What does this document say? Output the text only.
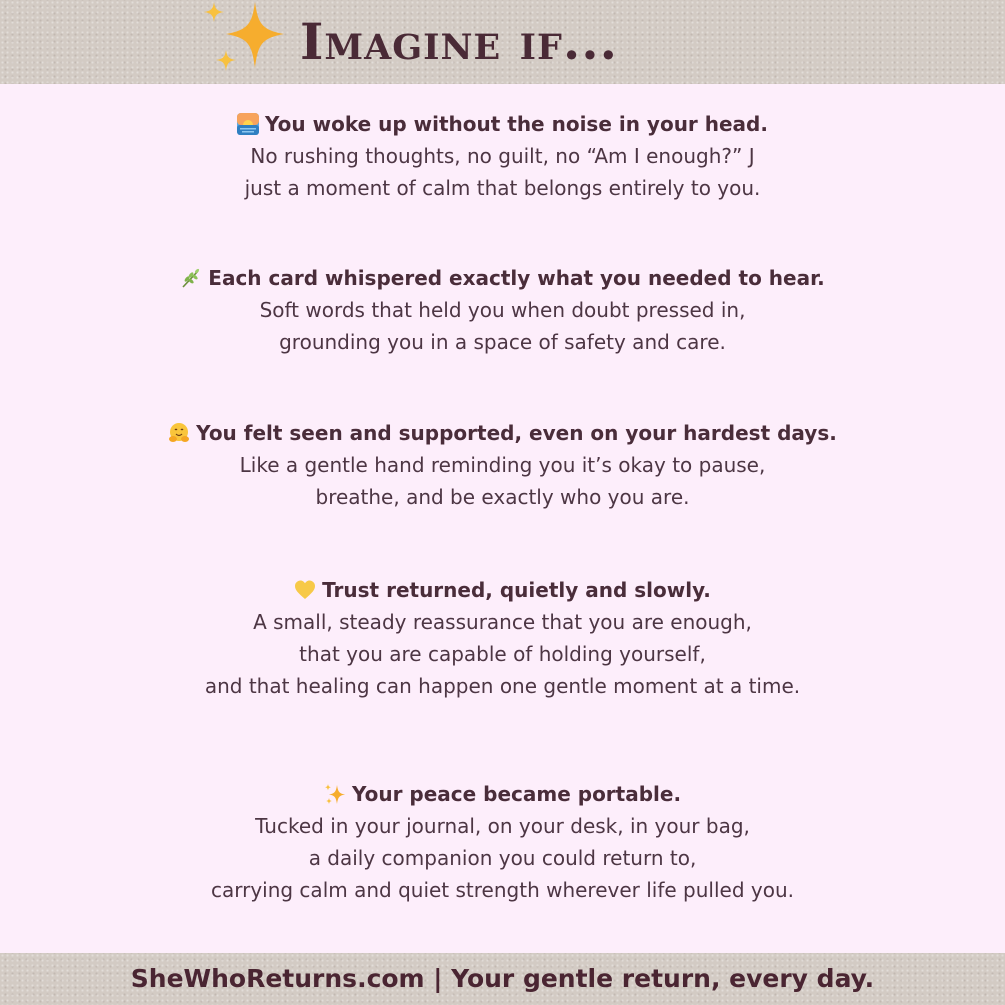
Imagine if...
You woke up without the noise in your head.
No rushing thoughts, no guilt, no “Am I enough?” J
just a moment of calm that belongs entirely to you.
Each card whispered exactly what you needed to hear.
Soft words that held you when doubt pressed in,
grounding you in a space of safety and care.
You felt seen and supported, even on your hardest days.
Like a gentle hand reminding you it’s okay to pause,
breathe, and be exactly who you are.
Trust returned, quietly and slowly.
A small, steady reassurance that you are enough,
that you are capable of holding yourself,
and that healing can happen one gentle moment at a time.
Your peace became portable.
Tucked in your journal, on your desk, in your bag,
a daily companion you could return to,
carrying calm and quiet strength wherever life pulled you.
SheWhoReturns.com | Your gentle return, every day.
